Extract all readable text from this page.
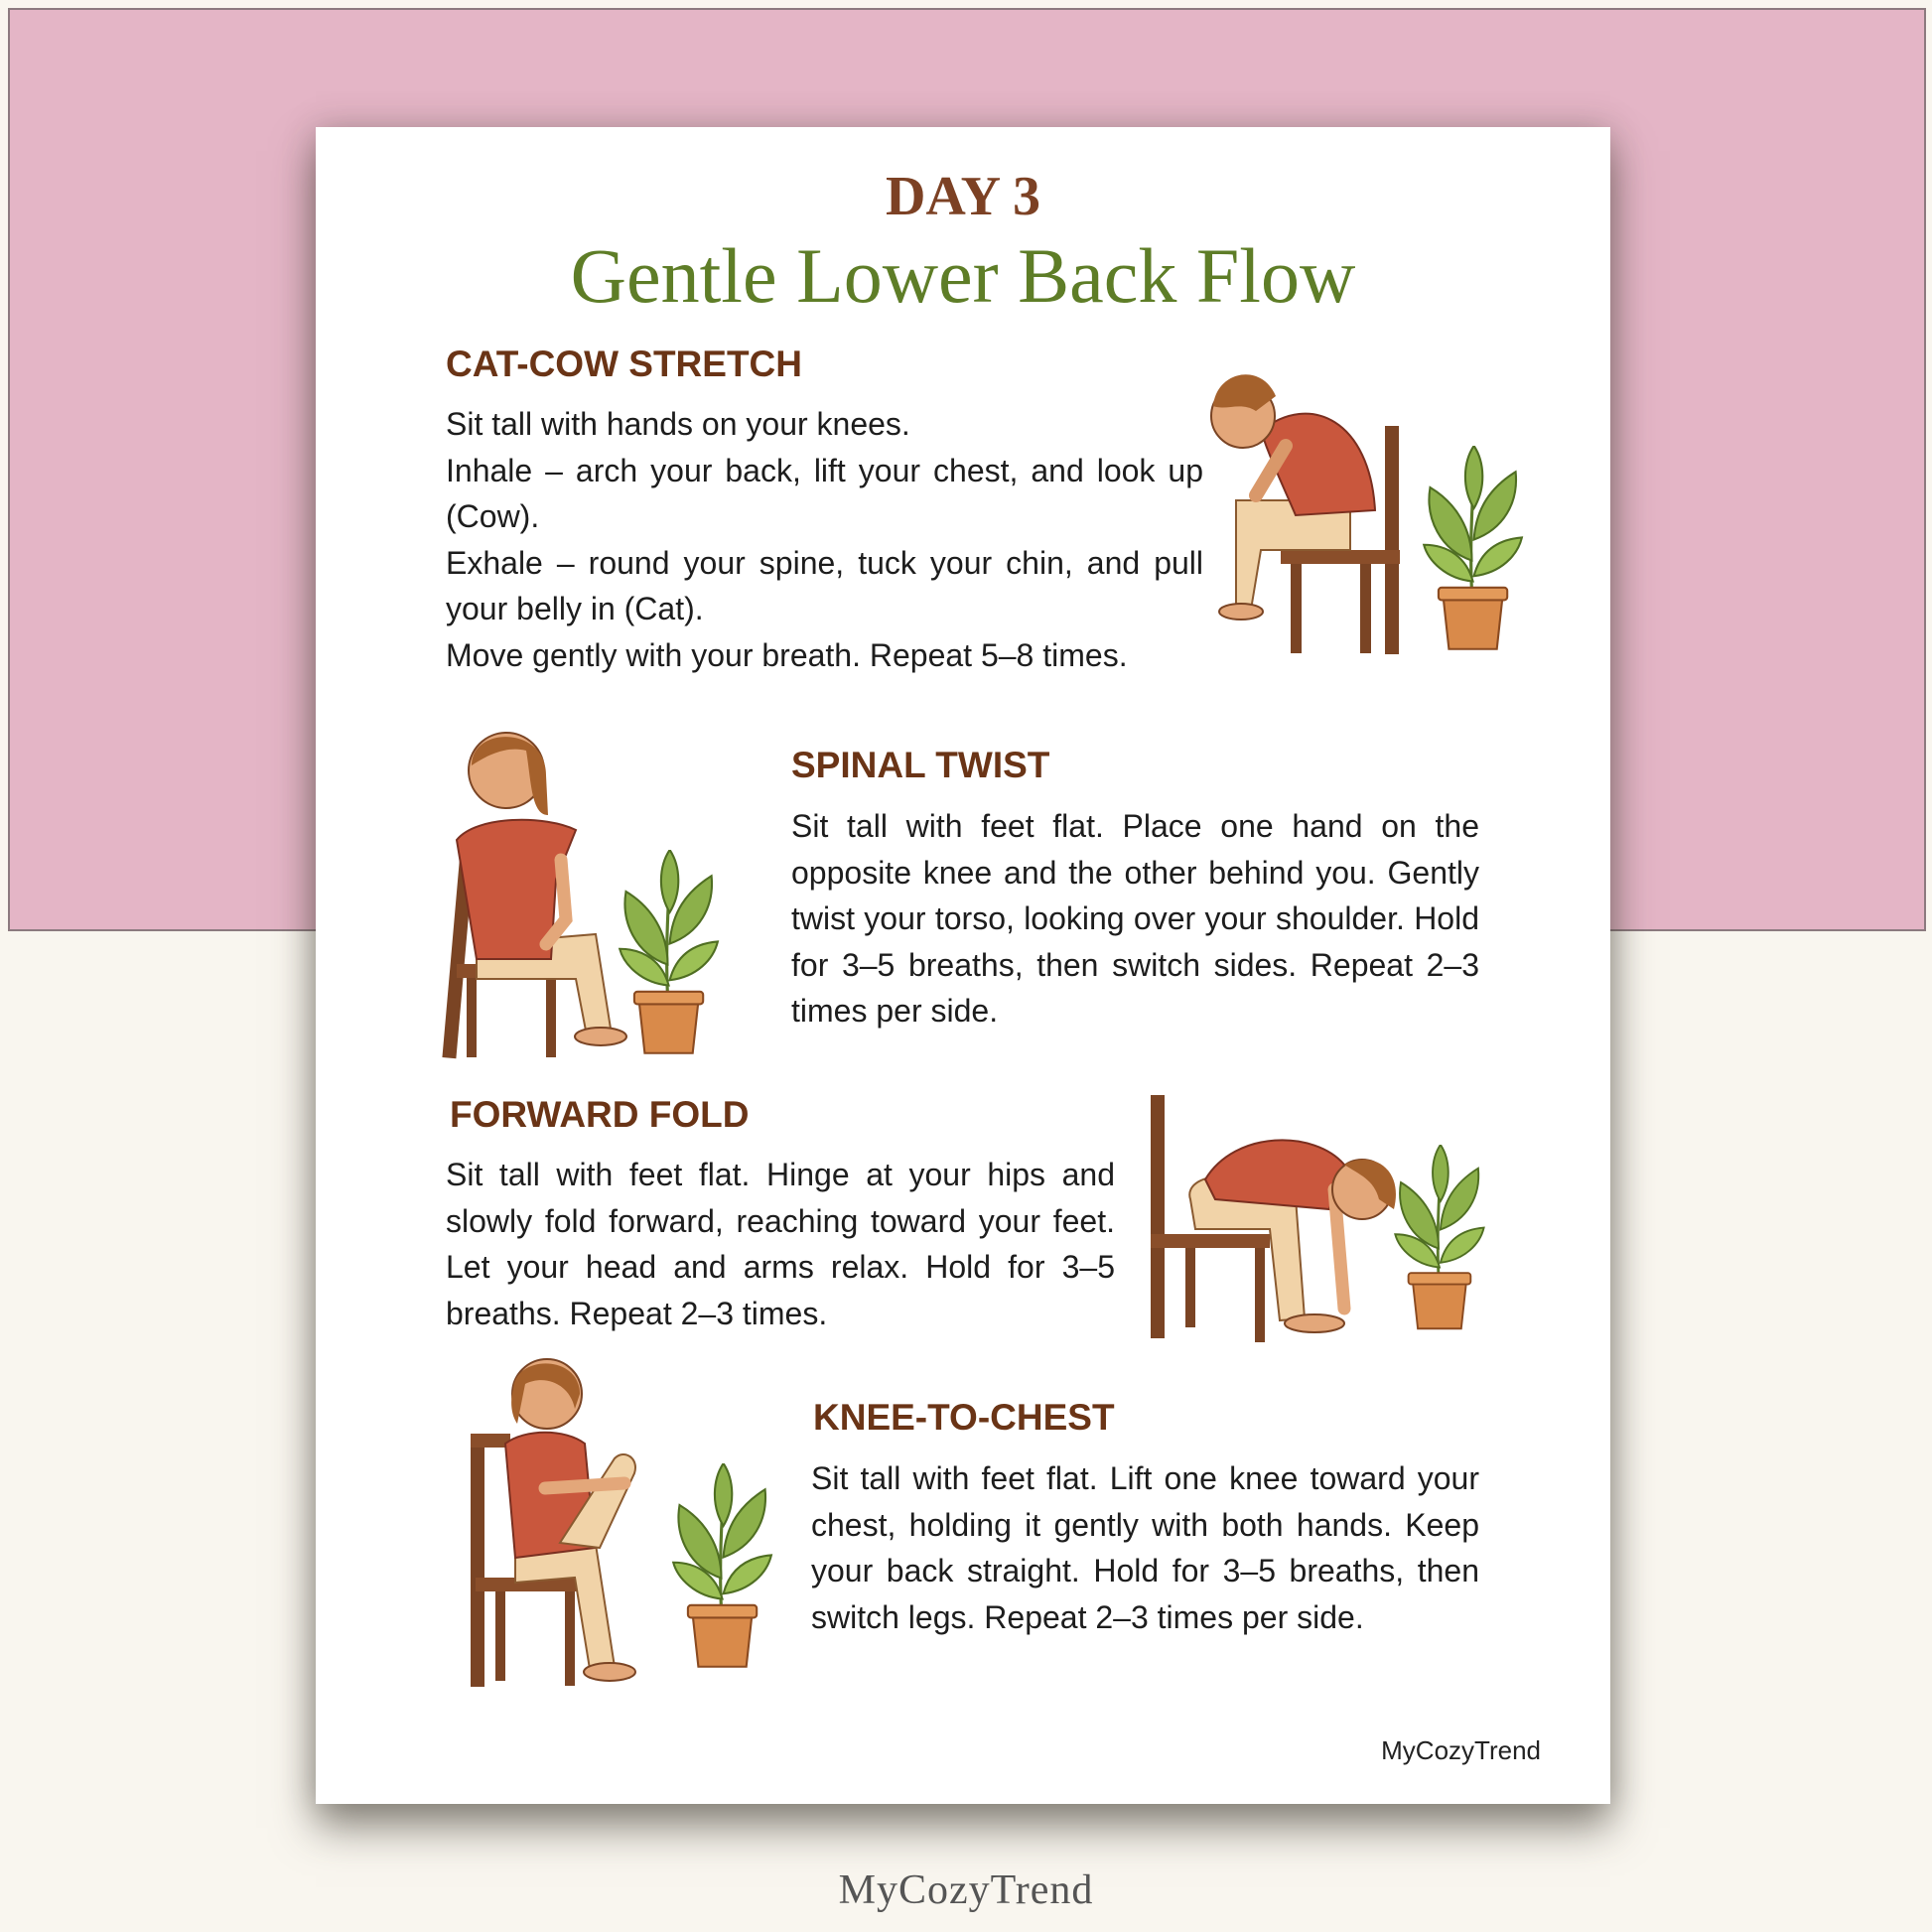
DAY 3
Gentle Lower Back Flow
CAT-COW STRETCH

Sit tall with hands on your knees.

Inhale – arch your back, lift your chest, and look up (Cow).

Exhale – round your spine, tuck your chin, and pull your belly in (Cat).

Move gently with your breath. Repeat 5–8 times.

SPINAL TWIST
Sit tall with feet flat. Place one hand on the opposite knee and the other behind you. Gently twist your torso, looking over your shoulder. Hold for 3–5 breaths, then switch sides. Repeat 2–3 times per side.
FORWARD FOLD
Sit tall with feet flat. Hinge at your hips and slowly fold forward, reaching toward your feet. Let your head and arms relax. Hold for 3–5 breaths. Repeat 2–3 times.
KNEE-TO-CHEST
Sit tall with feet flat. Lift one knee toward your chest, holding it gently with both hands. Keep your back straight. Hold for 3–5 breaths, then switch legs. Repeat 2–3 times per side.
MyCozyTrend
MyCozyTrend
